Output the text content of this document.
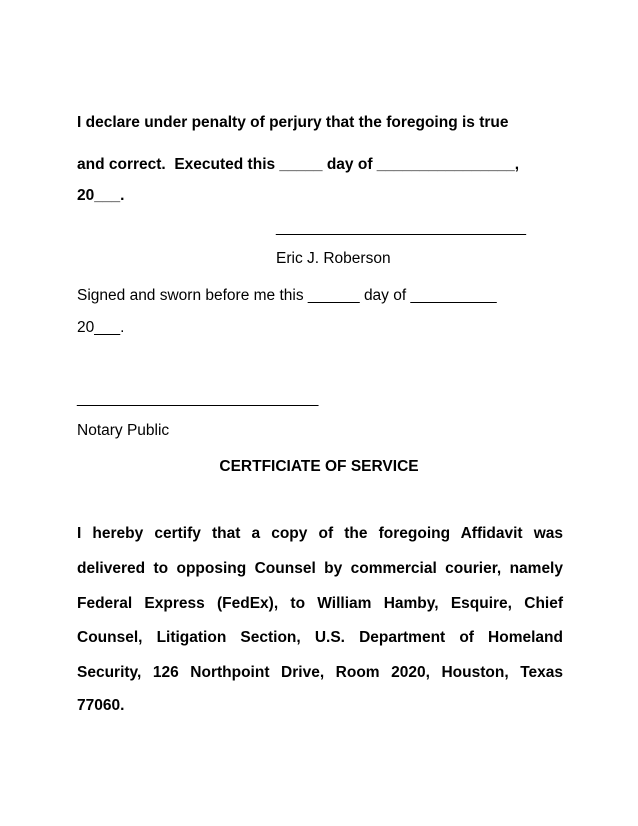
I declare under penalty of perjury that the foregoing is true
and correct.  Executed this _____ day of ________________,
20___.
_____________________________
Eric J. Roberson
Signed and sworn before me this ______ day of __________
20___.
____________________________
Notary Public
CERTFICIATE OF SERVICE
I hereby certify that a copy of the foregoing Affidavit was
delivered to opposing Counsel by commercial courier, namely
Federal Express (FedEx), to William Hamby, Esquire, Chief
Counsel, Litigation Section, U.S. Department of Homeland
Security, 126 Northpoint Drive, Room 2020, Houston, Texas
77060.
